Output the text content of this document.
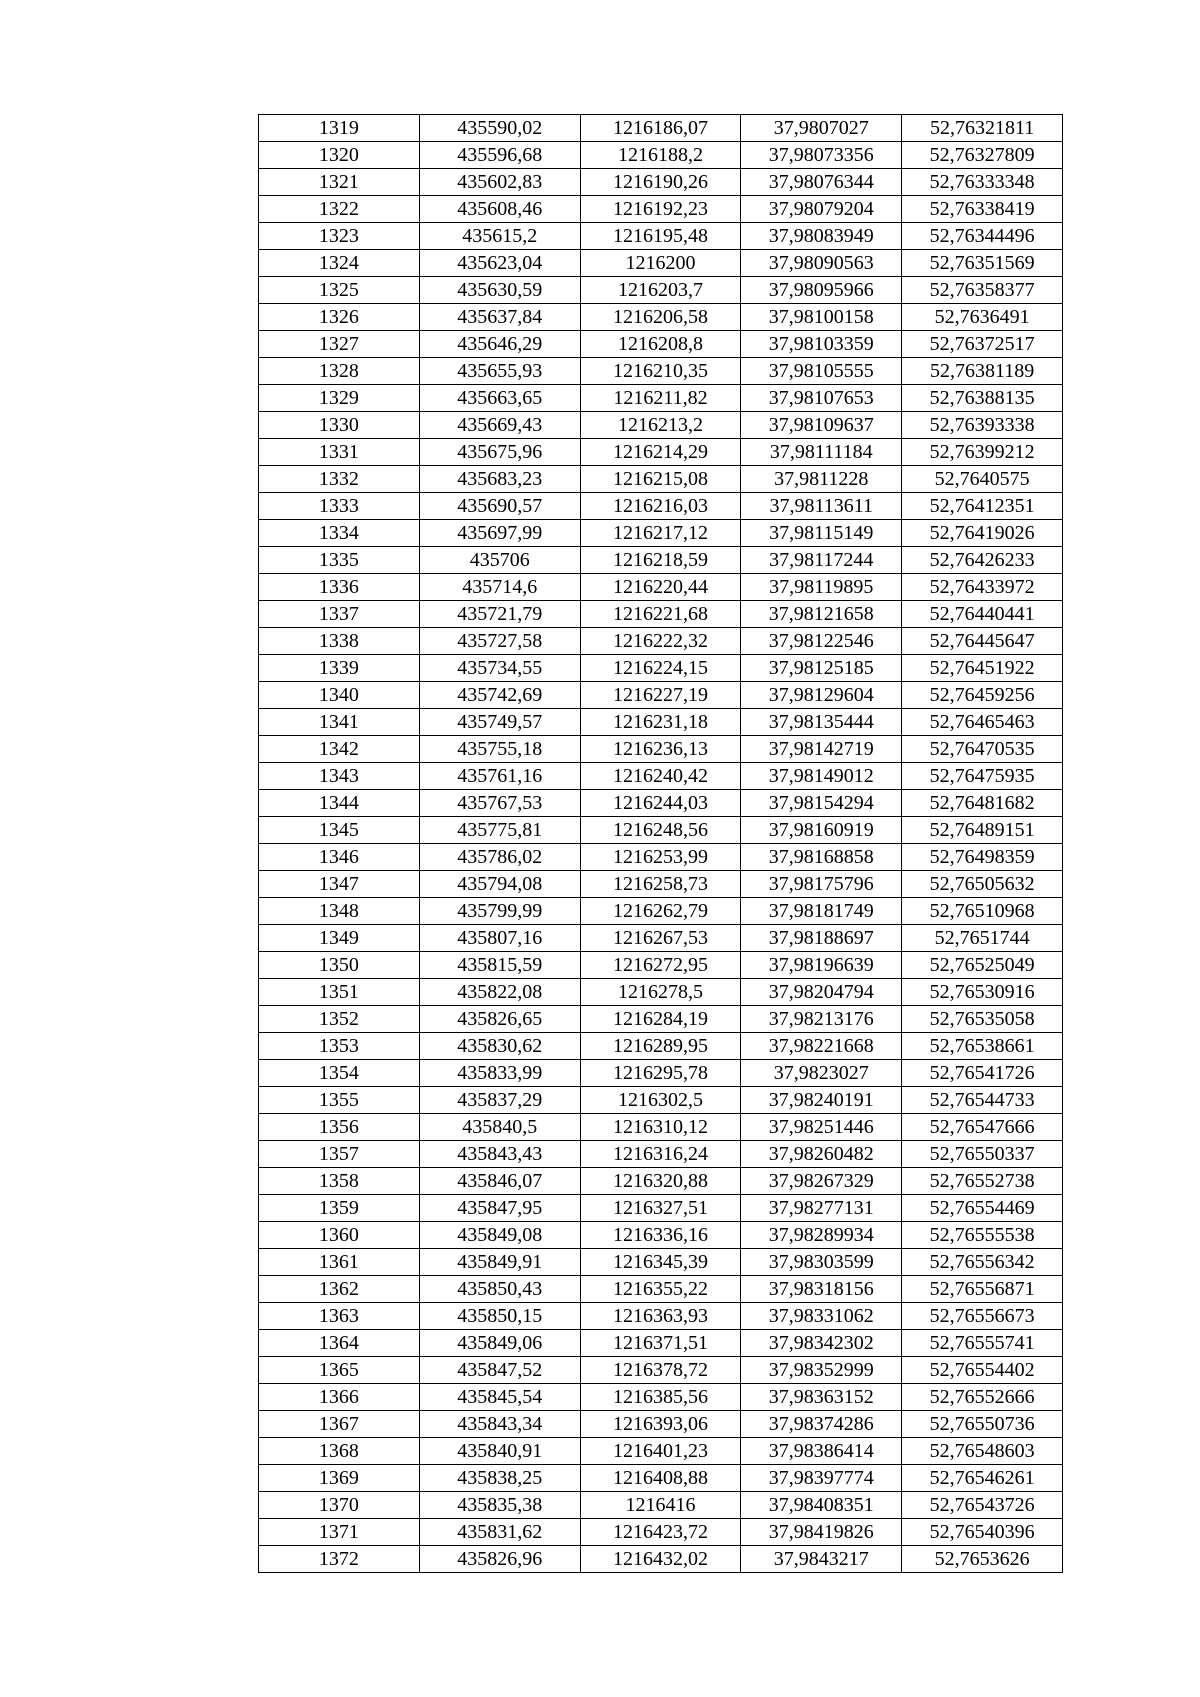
1319	435590,02	1216186,07	37,9807027	52,76321811
1320	435596,68	1216188,2	37,98073356	52,76327809
1321	435602,83	1216190,26	37,98076344	52,76333348
1322	435608,46	1216192,23	37,98079204	52,76338419
1323	435615,2	1216195,48	37,98083949	52,76344496
1324	435623,04	1216200	37,98090563	52,76351569
1325	435630,59	1216203,7	37,98095966	52,76358377
1326	435637,84	1216206,58	37,98100158	52,7636491
1327	435646,29	1216208,8	37,98103359	52,76372517
1328	435655,93	1216210,35	37,98105555	52,76381189
1329	435663,65	1216211,82	37,98107653	52,76388135
1330	435669,43	1216213,2	37,98109637	52,76393338
1331	435675,96	1216214,29	37,98111184	52,76399212
1332	435683,23	1216215,08	37,9811228	52,7640575
1333	435690,57	1216216,03	37,98113611	52,76412351
1334	435697,99	1216217,12	37,98115149	52,76419026
1335	435706	1216218,59	37,98117244	52,76426233
1336	435714,6	1216220,44	37,98119895	52,76433972
1337	435721,79	1216221,68	37,98121658	52,76440441
1338	435727,58	1216222,32	37,98122546	52,76445647
1339	435734,55	1216224,15	37,98125185	52,76451922
1340	435742,69	1216227,19	37,98129604	52,76459256
1341	435749,57	1216231,18	37,98135444	52,76465463
1342	435755,18	1216236,13	37,98142719	52,76470535
1343	435761,16	1216240,42	37,98149012	52,76475935
1344	435767,53	1216244,03	37,98154294	52,76481682
1345	435775,81	1216248,56	37,98160919	52,76489151
1346	435786,02	1216253,99	37,98168858	52,76498359
1347	435794,08	1216258,73	37,98175796	52,76505632
1348	435799,99	1216262,79	37,98181749	52,76510968
1349	435807,16	1216267,53	37,98188697	52,7651744
1350	435815,59	1216272,95	37,98196639	52,76525049
1351	435822,08	1216278,5	37,98204794	52,76530916
1352	435826,65	1216284,19	37,98213176	52,76535058
1353	435830,62	1216289,95	37,98221668	52,76538661
1354	435833,99	1216295,78	37,9823027	52,76541726
1355	435837,29	1216302,5	37,98240191	52,76544733
1356	435840,5	1216310,12	37,98251446	52,76547666
1357	435843,43	1216316,24	37,98260482	52,76550337
1358	435846,07	1216320,88	37,98267329	52,76552738
1359	435847,95	1216327,51	37,98277131	52,76554469
1360	435849,08	1216336,16	37,98289934	52,76555538
1361	435849,91	1216345,39	37,98303599	52,76556342
1362	435850,43	1216355,22	37,98318156	52,76556871
1363	435850,15	1216363,93	37,98331062	52,76556673
1364	435849,06	1216371,51	37,98342302	52,76555741
1365	435847,52	1216378,72	37,98352999	52,76554402
1366	435845,54	1216385,56	37,98363152	52,76552666
1367	435843,34	1216393,06	37,98374286	52,76550736
1368	435840,91	1216401,23	37,98386414	52,76548603
1369	435838,25	1216408,88	37,98397774	52,76546261
1370	435835,38	1216416	37,98408351	52,76543726
1371	435831,62	1216423,72	37,98419826	52,76540396
1372	435826,96	1216432,02	37,9843217	52,7653626
